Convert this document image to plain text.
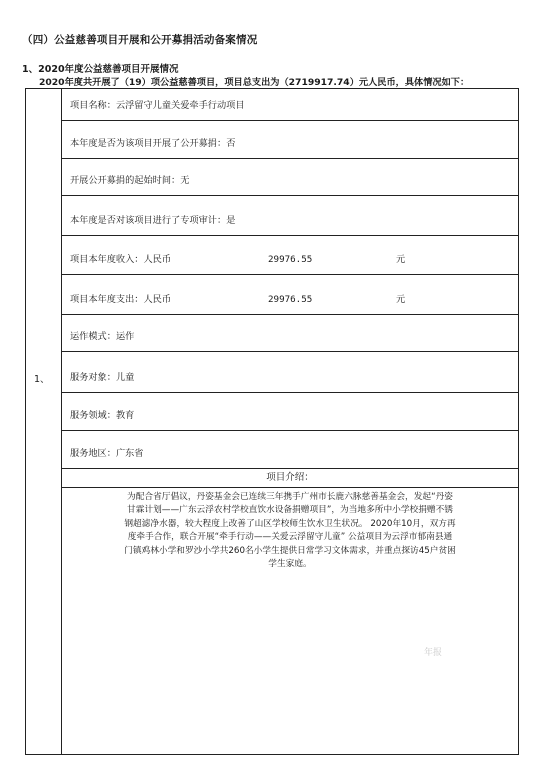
（四）公益慈善项目开展和公开募捐活动备案情况
1、2020年度公益慈善项目开展情况
2020年度共开展了（19）项公益慈善项目，项目总支出为（2719917.74）元人民币，具体情况如下：
1、
项目名称：云浮留守儿童关爱牵手行动项目
本年度是否为该项目开展了公开募捐：否
开展公开募捐的起始时间：无
本年度是否对该项目进行了专项审计：是
项目本年度收入：人民币	29976.55	元
项目本年度支出：人民币	29976.55	元
运作模式：运作
服务对象：儿童
服务领域：教育
服务地区：广东省
项目介绍：
为配合省厅倡议，丹姿基金会已连续三年携手广州市长鹿六脉慈善基金会，发起“丹姿
甘霖计划——广东云浮农村学校直饮水设备捐赠项目”，为当地多所中小学校捐赠不锈
钢超滤净水器，较大程度上改善了山区学校师生饮水卫生状况。 2020年10月，双方再
度牵手合作，联合开展“牵手行动——关爱云浮留守儿童” 公益项目为云浮市郁南县通
门镇鸡林小学和罗沙小学共260名小学生提供日常学习文体需求，并重点探访45户贫困
学生家庭。
年报
